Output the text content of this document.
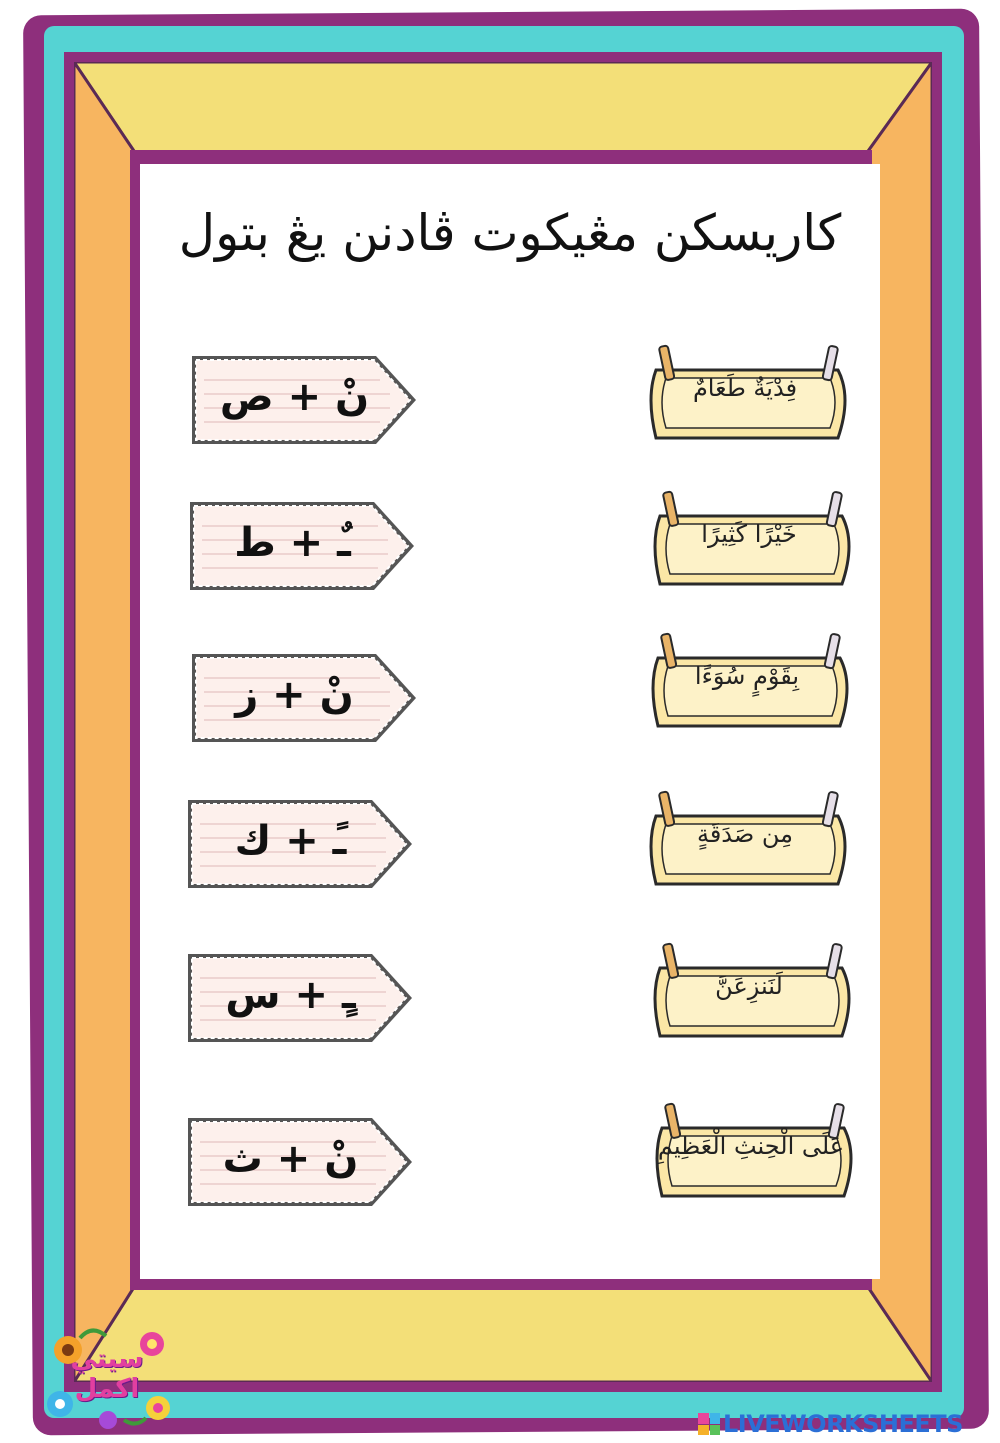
كاريسكن مڠيكوت ڤادنن يڠ بتول
فِدْيَةٌ طَعَامٌ
خَيْرًا كَثِيرًا
بِقَوْمٍ سُوَءًا
مِن صَدَقَةٍ
لَنَنزِعَنَّ
عَلَى الْحِنثِ الْعَظِيمِ
نْ + ص
ـٌ + ط
نْ + ز
ـً + ك
ـٍ + س
نْ + ث
سيتي
اكمل
LIVEWORKSHEETS
